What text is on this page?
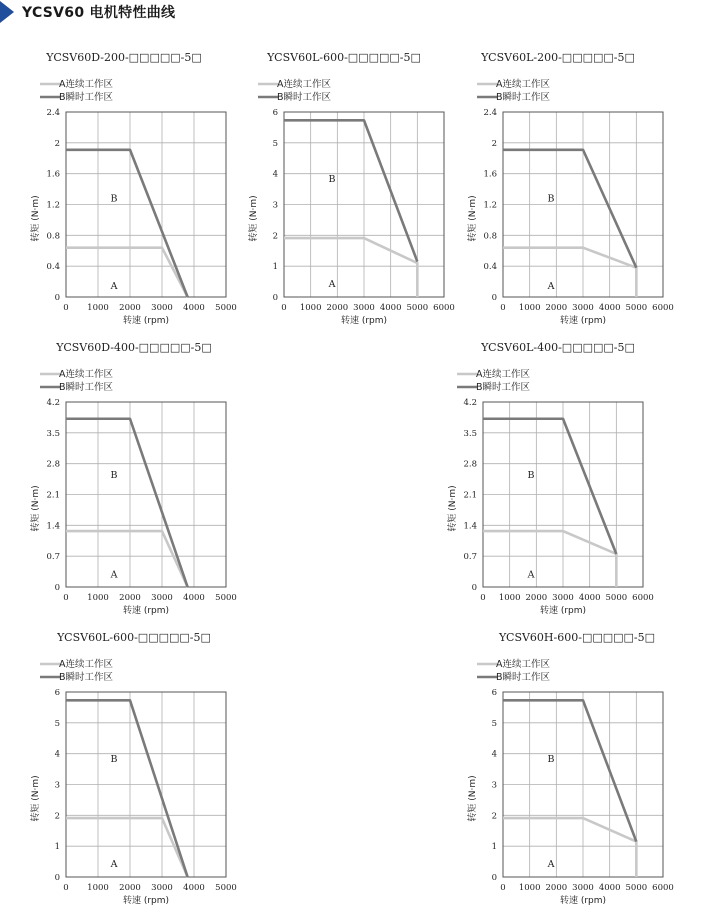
YCSV60 电机特性曲线
YCSV60D-200-□□□□□-5□
A连续工作区
B瞬时工作区
0 1000 2000 3000 4000 5000
0
0.4
0.8
1.2
1.6
2
2.4
转速 (rpm)
转矩 (N·m)
A
B
YCSV60L-600-□□□□□-5□
A连续工作区
B瞬时工作区
0 1000 2000 3000 4000 5000 6000
0
1
2
3
4
5
6
转速 (rpm)
转矩 (N·m)
A
B
YCSV60L-200-□□□□□-5□
A连续工作区
B瞬时工作区
0 1000 2000 3000 4000 5000 6000
0
0.4
0.8
1.2
1.6
2
2.4
转速 (rpm)
转矩 (N·m)
A
B
YCSV60D-400-□□□□□-5□
A连续工作区
B瞬时工作区
0 1000 2000 3000 4000 5000
0
0.7
1.4
2.1
2.8
3.5
4.2
转速 (rpm)
转矩 (N·m)
A
B
YCSV60L-400-□□□□□-5□
A连续工作区
B瞬时工作区
0 1000 2000 3000 4000 5000 6000
0
0.7
1.4
2.1
2.8
3.5
4.2
转速 (rpm)
转矩 (N·m)
A
B
YCSV60L-600-□□□□□-5□
A连续工作区
B瞬时工作区
0 1000 2000 3000 4000 5000
0
1
2
3
4
5
6
转速 (rpm)
转矩 (N·m)
A
B
YCSV60H-600-□□□□□-5□
A连续工作区
B瞬时工作区
0 1000 2000 3000 4000 5000 6000
0
1
2
3
4
5
6
转速 (rpm)
转矩 (N·m)
A
B
